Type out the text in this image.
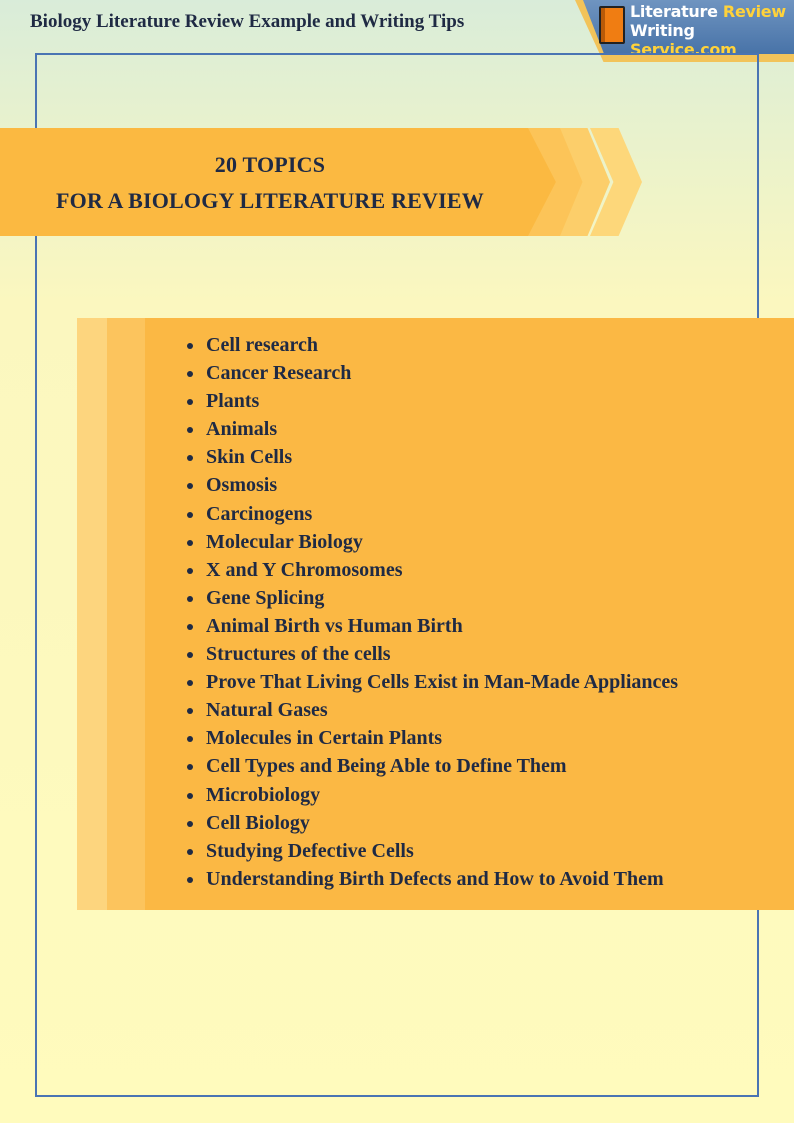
Biology Literature Review Example and Writing Tips	Literature Review
Writing Service.com
20 TOPICS
FOR A BIOLOGY LITERATURE REVIEW
Cell research
Cancer Research
Plants
Animals
Skin Cells
Osmosis
Carcinogens
Molecular Biology
X and Y Chromosomes
Gene Splicing
Animal Birth vs Human Birth
Structures of the cells
Prove That Living Cells Exist in Man-Made Appliances
Natural Gases
Molecules in Certain Plants
Cell Types and Being Able to Define Them
Microbiology
Cell Biology
Studying Defective Cells
Understanding Birth Defects and How to Avoid Them
